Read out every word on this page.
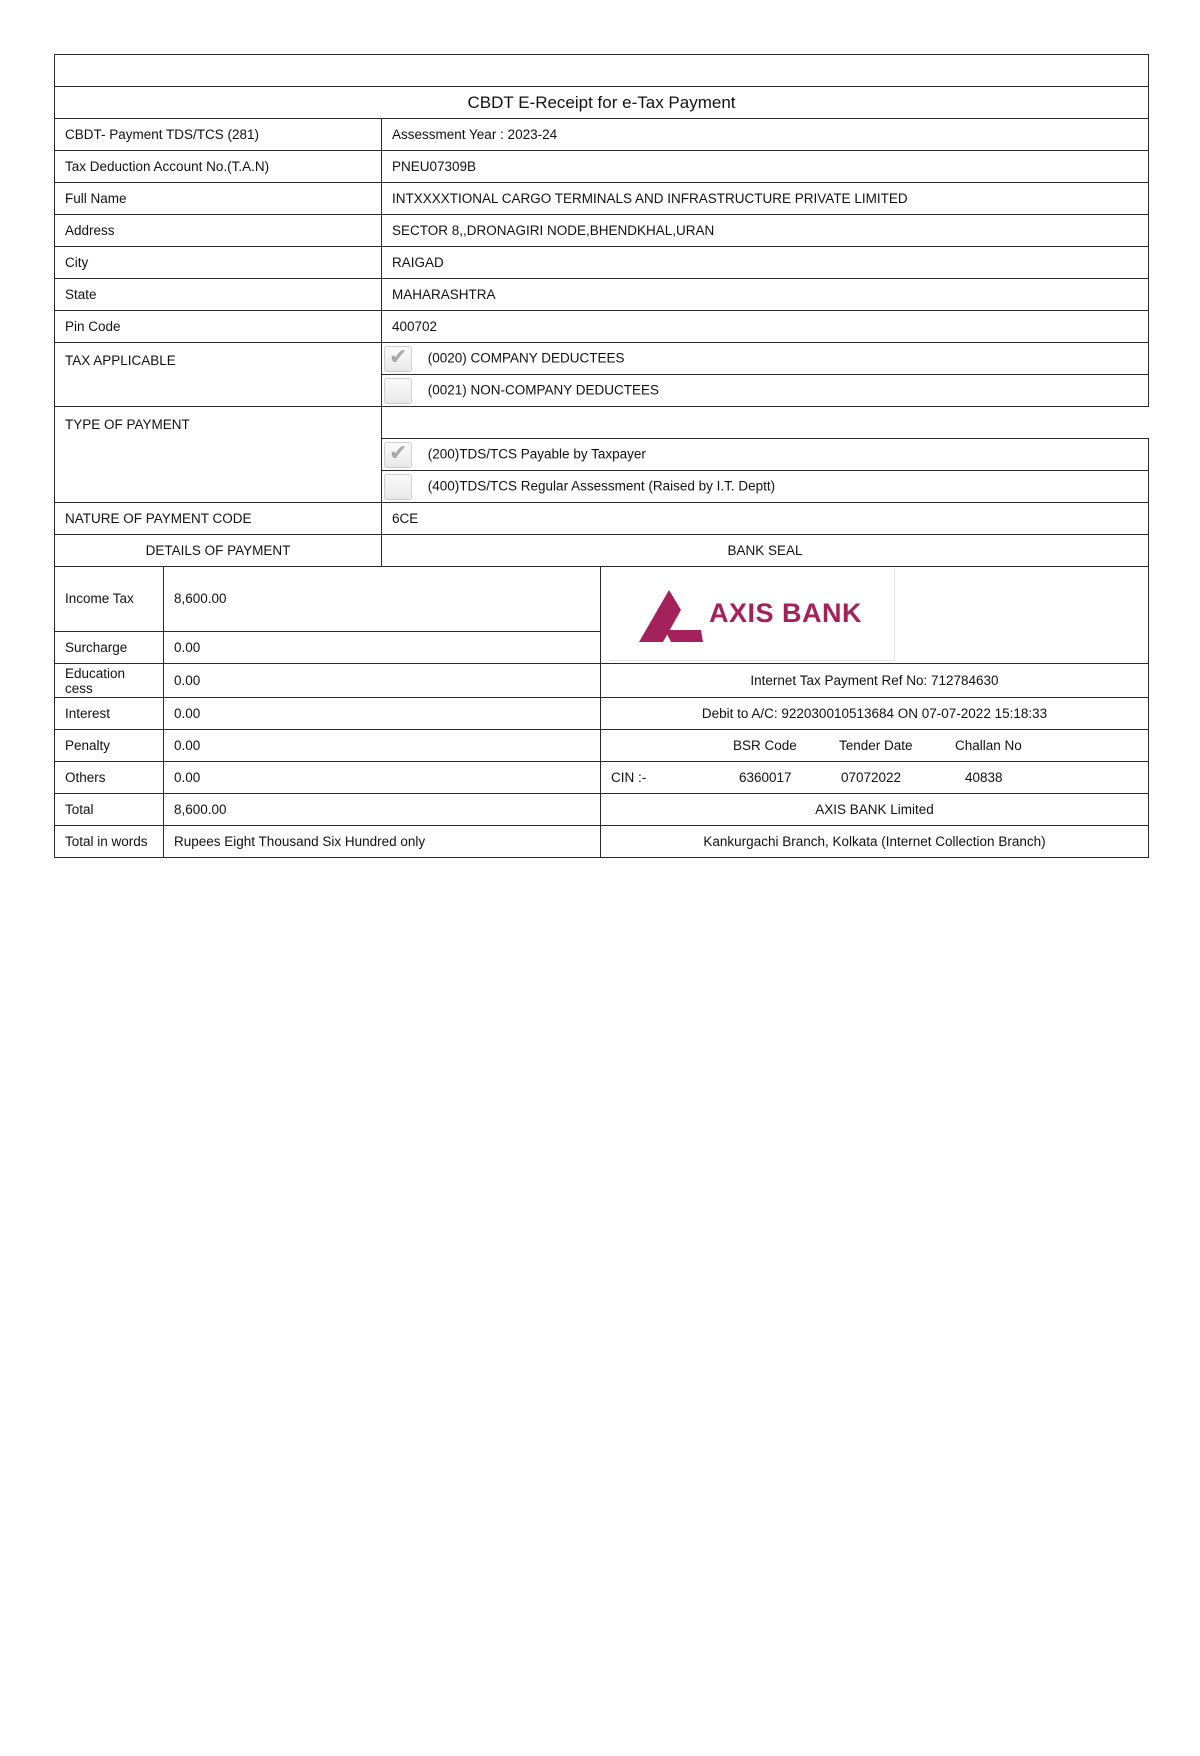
CBDT E-Receipt for e-Tax Payment	
CBDT- Payment TDS/TCS (281)	Assessment Year : 2023-24
Tax Deduction Account No.(T.A.N)	PNEU07309B
Full Name	INTXXXXTIONAL CARGO TERMINALS AND INFRASTRUCTURE PRIVATE LIMITED
Address	SECTOR 8,,DRONAGIRI NODE,BHENDKHAL,URAN
City	RAIGAD
State	MAHARASHTRA
Pin Code	400702
TAX APPLICABLE	✔ (0020) COMPANY DEDUCTEES
	(0021) NON-COMPANY DEDUCTEES
TYPE OF PAYMENT	

	✔ (200)TDS/TCS Payable by Taxpayer
	(400)TDS/TCS Regular Assessment (Raised by I.T. Deptt)
NATURE OF PAYMENT CODE	6CE
DETAILS OF PAYMENT	BANK SEAL
Income Tax	8,600.00	AXIS BANK

Surcharge	0.00	
Education cess	0.00	Internet Tax Payment Ref No: 712784630
Interest	0.00	Debit to A/C: 922030010513684 ON 07-07-2022 15:18:33
Penalty	0.00	BSR Code Tender Date Challan No

Others	0.00	CIN :- 6360017 07072022 40838

Total	8,600.00	AXIS BANK Limited
Total in words	Rupees Eight Thousand Six Hundred only	Kankurgachi Branch, Kolkata (Internet Collection Branch)
